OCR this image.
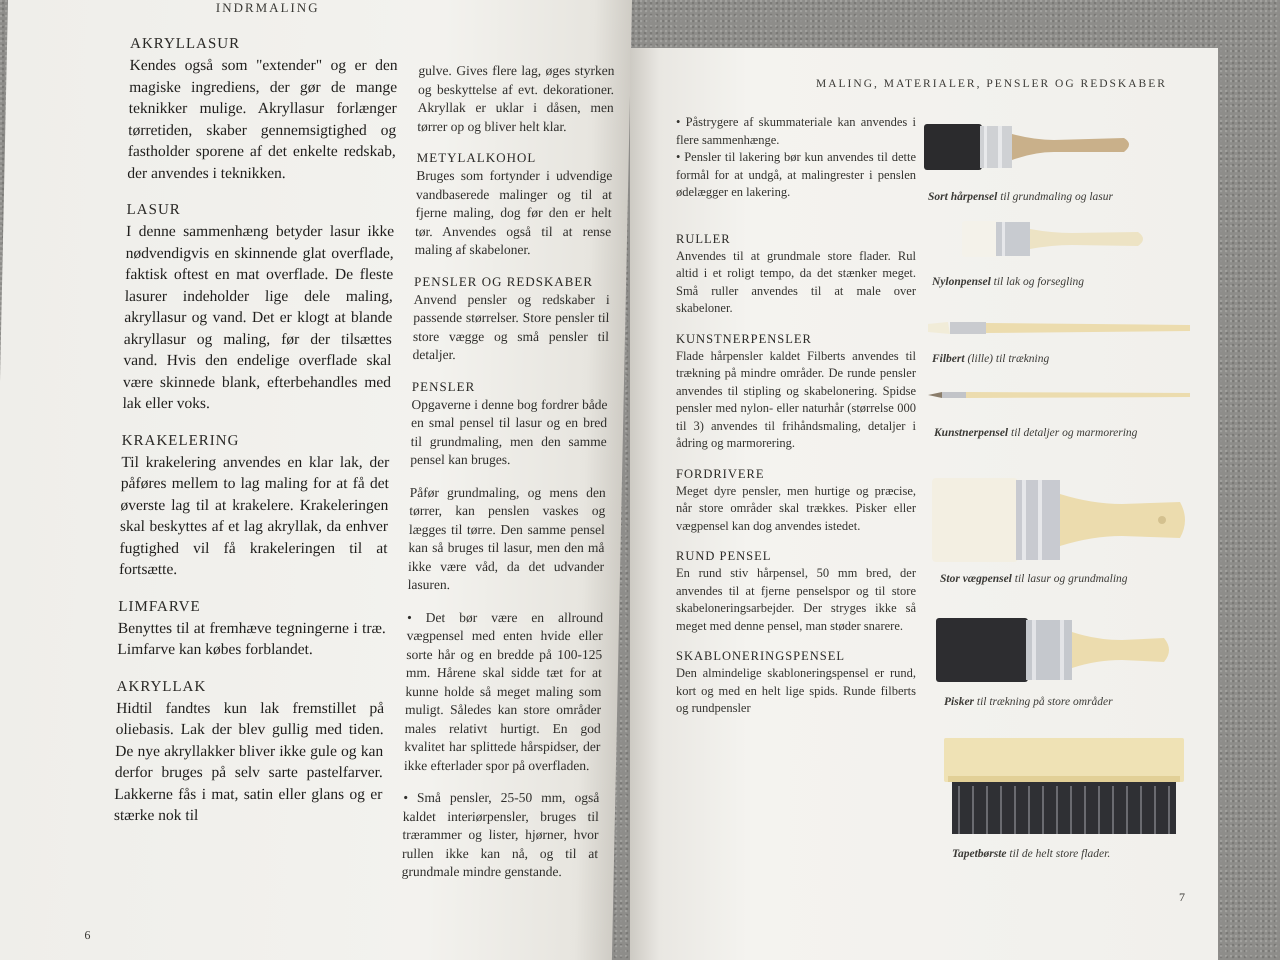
INDRMALING
AKRYLLASUR
Kendes også som "extender" og er den magiske ingrediens, der gør de mange teknikker mulige. Akryllasur forlænger tørretiden, skaber gennemsigtighed og fastholder sporene af det enkelte redskab, der anvendes i teknikken.
LASUR
I denne sammenhæng betyder lasur ikke nødvendigvis en skinnende glat overflade, faktisk oftest en mat overflade. De fleste lasurer indeholder lige dele maling, akryllasur og vand. Det er klogt at blande akryllasur og maling, før der tilsættes vand. Hvis den endelige overflade skal være skinnede blank, efterbehandles med lak eller voks.
KRAKELERING
Til krakelering anvendes en klar lak, der påføres mellem to lag maling for at få det øverste lag til at krakelere. Krakeleringen skal beskyttes af et lag akryllak, da enhver fugtighed vil få krakeleringen til at fortsætte.
LIMFARVE
Benyttes til at fremhæve tegningerne i træ. Limfarve kan købes forblandet.
AKRYLLAK
Hidtil fandtes kun lak fremstillet på oliebasis. Lak der blev gullig med tiden. De nye akryllakker bliver ikke gule og kan derfor bruges på selv sarte pastelfarver. Lakkerne fås i mat, satin eller glans og er stærke nok til
gulve. Gives flere lag, øges styrken og beskyttelse af evt. dekorationer. Akryllak er uklar i dåsen, men tørrer op og bliver helt klar.
METYLALKOHOL
Bruges som fortynder i udvendige vandbaserede malinger og til at fjerne maling, dog før den er helt tør. Anvendes også til at rense maling af skabeloner.
PENSLER OG REDSKABER
Anvend pensler og redskaber i passende størrelser. Store pensler til store vægge og små pensler til detaljer.
PENSLER
Opgaverne i denne bog fordrer både en smal pensel til lasur og en bred til grundmaling, men den samme pensel kan bruges.
Påfør grundmaling, og mens den tørrer, kan penslen vaskes og lægges til tørre. Den samme pensel kan så bruges til lasur, men den må ikke være våd, da det udvander lasuren.
• Det bør være en allround vægpensel med enten hvide eller sorte hår og en bredde på 100-125 mm. Hårene skal sidde tæt for at kunne holde så meget maling som muligt. Således kan store områder males relativt hurtigt. En god kvalitet har splittede hårspidser, der ikke efterlader spor på overfladen.
• Små pensler, 25-50 mm, også kaldet interiørpensler, bruges til trærammer og lister, hjørner, hvor rullen ikke kan nå, og til at grundmale mindre genstande.
6
MALING, MATERIALER, PENSLER OG REDSKABER
• Påstrygere af skummateriale kan anvendes i flere sammenhænge.
• Pensler til lakering bør kun anvendes til dette formål for at undgå, at malingrester i penslen ødelægger en lakering.
RULLER
Anvendes til at grundmale store flader. Rul altid i et roligt tempo, da det stænker meget. Små ruller anvendes til at male over skabeloner.
KUNSTNERPENSLER
Flade hårpensler kaldet Filberts anvendes til trækning på mindre områder. De runde pensler anvendes til stipling og skabelonering. Spidse pensler med nylon- eller naturhår (størrelse 000 til 3) anvendes til frihåndsmaling, detaljer i ådring og marmorering.
FORDRIVERE
Meget dyre pensler, men hurtige og præcise, når store områder skal trækkes. Pisker eller vægpensel kan dog anvendes istedet.
RUND PENSEL
En rund stiv hårpensel, 50 mm bred, der anvendes til at fjerne penselspor og til store skabeloneringsarbejder. Der stryges ikke så meget med denne pensel, man støder snarere.
SKABLONERINGSPENSEL
Den almindelige skabloneringspensel er rund, kort og med en helt lige spids. Runde filberts og rundpensler
7
Sort hårpensel til grundmaling og lasur
Nylonpensel til lak og forsegling
Filbert (lille) til trækning
Kunstnerpensel til detaljer og marmorering
Stor vægpensel til lasur og grundmaling
Pisker til trækning på store områder
Tapetbørste til de helt store flader.
